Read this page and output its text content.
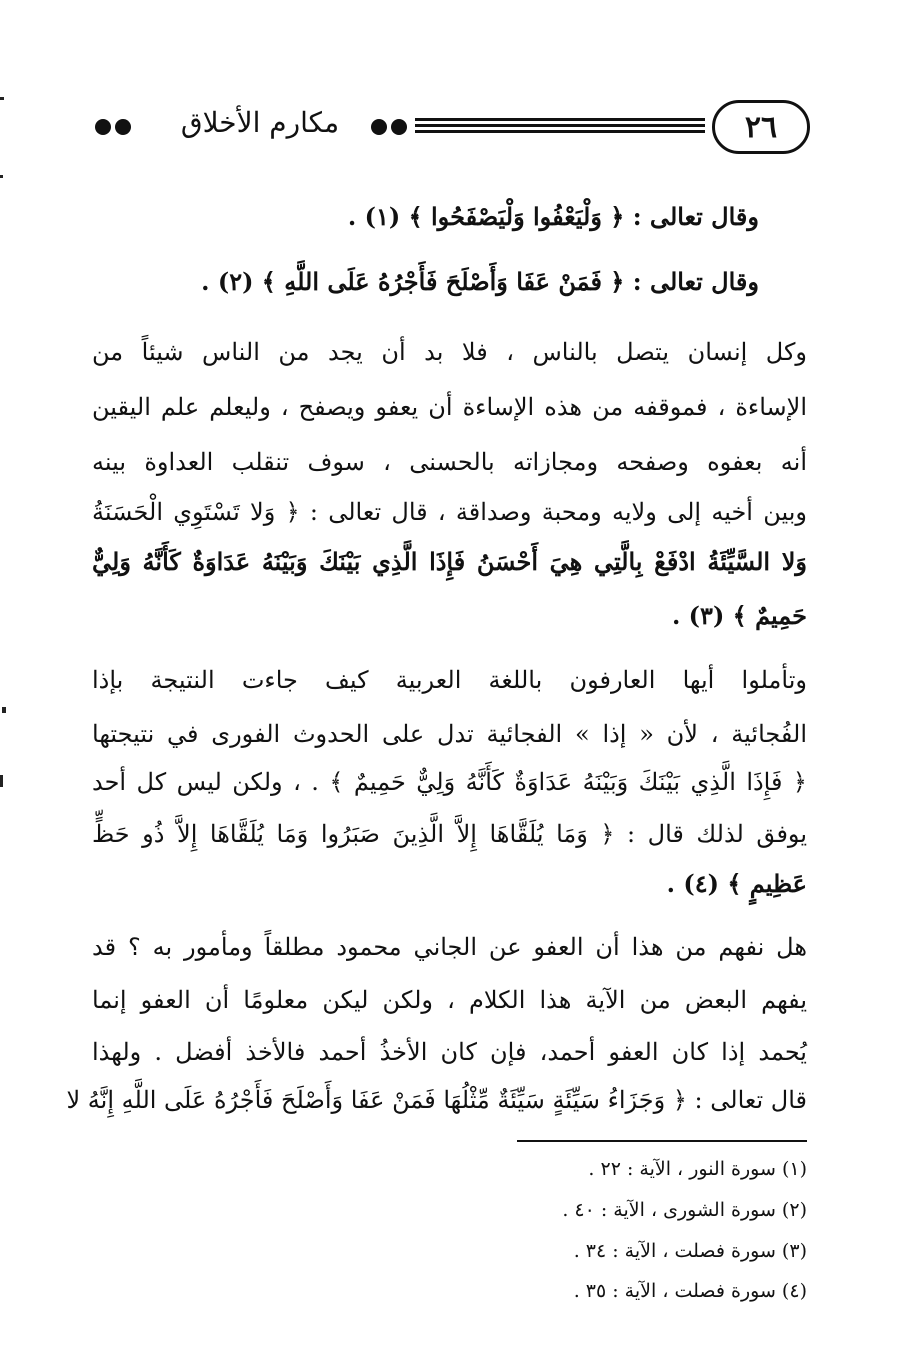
٢٦
مكارم الأخلاق
وقال تعالى : ﴿ وَلْيَعْفُوا وَلْيَصْفَحُوا ﴾ (١) .
وقال تعالى : ﴿ فَمَنْ عَفَا وَأَصْلَحَ فَأَجْرُهُ عَلَى اللَّهِ ﴾ (٢) .
وكل إنسان يتصل بالناس ، فلا بد أن يجد من الناس شيئاً من
الإساءة ، فموقفه من هذه الإساءة أن يعفو ويصفح ، وليعلم علم اليقين
أنه بعفوه وصفحه ومجازاته بالحسنى ، سوف تنقلب العداوة بينه
وبين أخيه إلى ولايه ومحبة وصداقة ، قال تعالى : ﴿ وَلا تَسْتَوِي الْحَسَنَةُ
وَلا السَّيِّئَةُ ادْفَعْ بِالَّتِي هِيَ أَحْسَنُ فَإِذَا الَّذِي بَيْنَكَ وَبَيْنَهُ عَدَاوَةٌ كَأَنَّهُ وَلِيٌّ
حَمِيمٌ ﴾ (٣) .
وتأملوا أيها العارفون باللغة العربية كيف جاءت النتيجة بإذا
الفُجائية ، لأن « إذا » الفجائية تدل على الحدوث الفورى في نتيجتها
﴿ فَإِذَا الَّذِي بَيْنَكَ وَبَيْنَهُ عَدَاوَةٌ كَأَنَّهُ وَلِيٌّ حَمِيمٌ ﴾ . ، ولكن ليس كل أحد
يوفق لذلك قال : ﴿ وَمَا يُلَقَّاهَا إِلاَّ الَّذِينَ صَبَرُوا وَمَا يُلَقَّاهَا إِلاَّ ذُو حَظٍّ
عَظِيمٍ ﴾ (٤) .
هل نفهم من هذا أن العفو عن الجاني محمود مطلقاً ومأمور به ؟ قد
يفهم البعض من الآية هذا الكلام ، ولكن ليكن معلومًا أن العفو إنما
يُحمد إذا كان العفو أحمد، فإن كان الأخذُ أحمد فالأخذ أفضل . ولهذا
قال تعالى : ﴿ وَجَزَاءُ سَيِّئَةٍ سَيِّئَةٌ مِّثْلُهَا فَمَنْ عَفَا وَأَصْلَحَ فَأَجْرُهُ عَلَى اللَّهِ إِنَّهُ لا
(١) سورة النور ، الآية : ٢٢ .
(٢) سورة الشورى ، الآية : ٤٠ .
(٣) سورة فصلت ، الآية : ٣٤ .
(٤) سورة فصلت ، الآية : ٣٥ .
